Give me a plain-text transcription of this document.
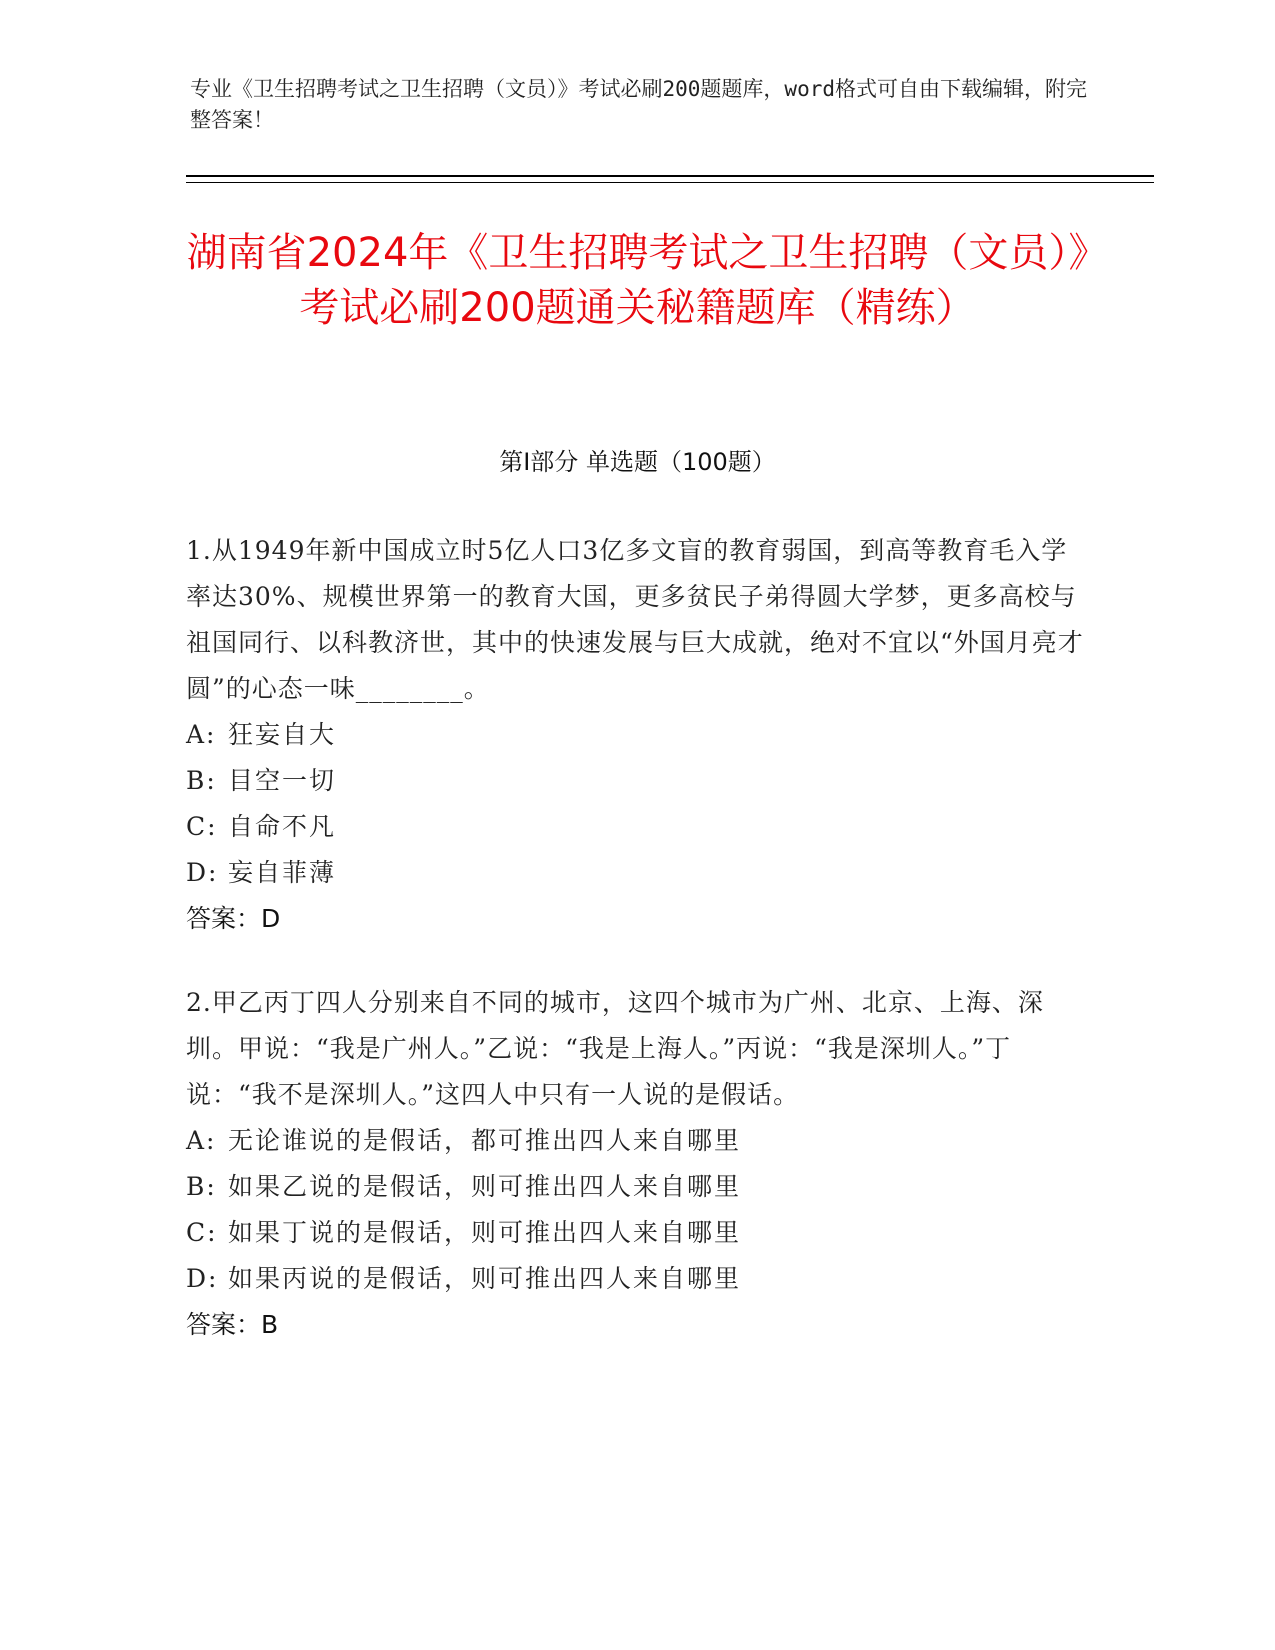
专业《卫生招聘考试之卫生招聘（文员）》考试必刷200题题库，word格式可自由下载编辑，附完整答案！
湖南省2024年《卫生招聘考试之卫生招聘（文员）》考试必刷200题通关秘籍题库（精练）
第Ⅰ部分 单选题（100题）
1.从1949年新中国成立时5亿人口3亿多文盲的教育弱国，到高等教育毛入学率达30%、规模世界第一的教育大国，更多贫民子弟得圆大学梦，更多高校与祖国同行、以科教济世，其中的快速发展与巨大成就，绝对不宜以“外国月亮才圆”的心态一味________。
A: 狂妄自大
B: 目空一切
C: 自命不凡
D: 妄自菲薄
答案：D
2.甲乙丙丁四人分别来自不同的城市，这四个城市为广州、北京、上海、深圳。甲说：“我是广州人。”乙说：“我是上海人。”丙说：“我是深圳人。”丁说：“我不是深圳人。”这四人中只有一人说的是假话。
A: 无论谁说的是假话，都可推出四人来自哪里
B: 如果乙说的是假话，则可推出四人来自哪里
C: 如果丁说的是假话，则可推出四人来自哪里
D: 如果丙说的是假话，则可推出四人来自哪里
答案：B
